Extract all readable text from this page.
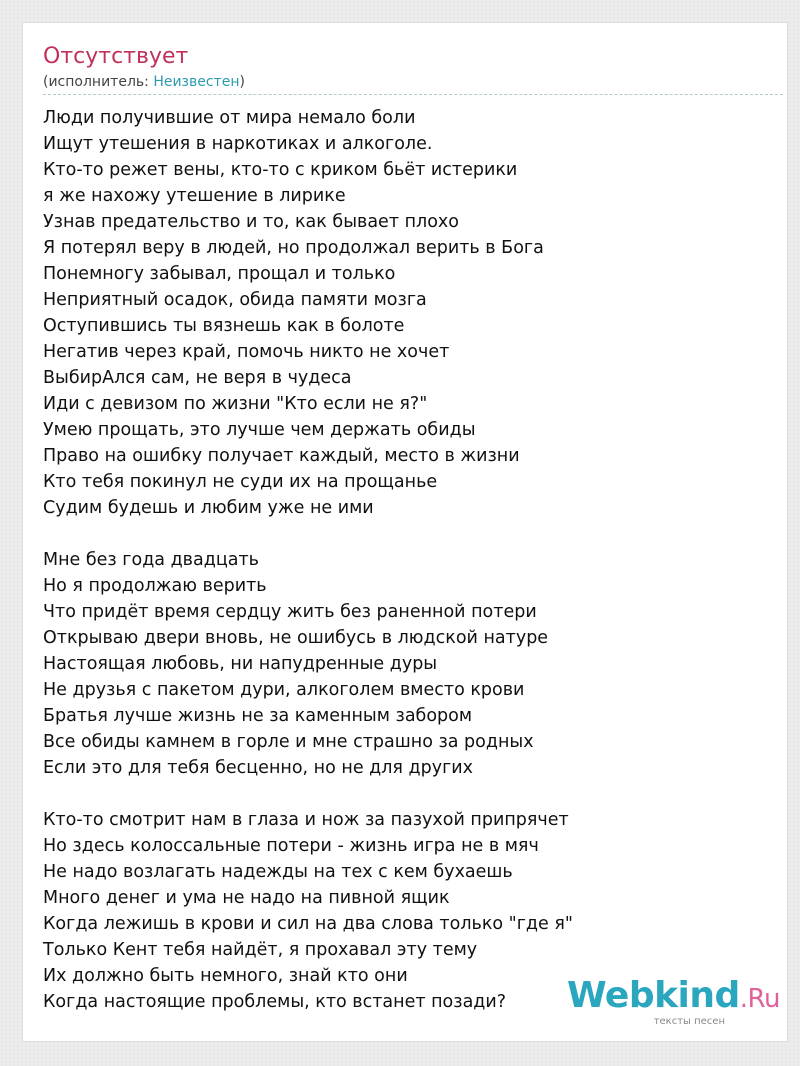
Отсутствует
(исполнитель: Неизвестен)
Люди получившие от мира немало боли
Ищут утешения в наркотиках и алкоголе.
Кто-то режет вены, кто-то с криком бьёт истерики
я же нахожу утешение в лирике
Узнав предательство и то, как бывает плохо
Я потерял веру в людей, но продолжал верить в Бога
Понемногу забывал, прощал и только
Неприятный осадок, обида памяти мозга
Оступившись ты вязнешь как в болоте
Негатив через край, помочь никто не хочет
ВыбирАлся сам, не веря в чудеса
Иди с девизом по жизни "Кто если не я?"
Умею прощать, это лучше чем держать обиды
Право на ошибку получает каждый, место в жизни
Кто тебя покинул не суди их на прощанье
Судим будешь и любим уже не ими
Мне без года двадцать
Но я продолжаю верить
Что придёт время сердцу жить без раненной потери
Открываю двери вновь, не ошибусь в людской натуре
Настоящая любовь, ни напудренные дуры
Не друзья с пакетом дури, алкоголем вместо крови
Братья лучше жизнь не за каменным забором
Все обиды камнем в горле и мне страшно за родных
Если это для тебя бесценно, но не для других
Кто-то смотрит нам в глаза и нож за пазухой припрячет
Но здесь колоссальные потери - жизнь игра не в мяч
Не надо возлагать надежды на тех с кем бухаешь
Много денег и ума не надо на пивной ящик
Когда лежишь в крови и сил на два слова только "где я"
Только Кент тебя найдёт, я прохавал эту тему
Их должно быть немного, знай кто они
Когда настоящие проблемы, кто встанет позади?	Webkind.Ru
тексты песен
